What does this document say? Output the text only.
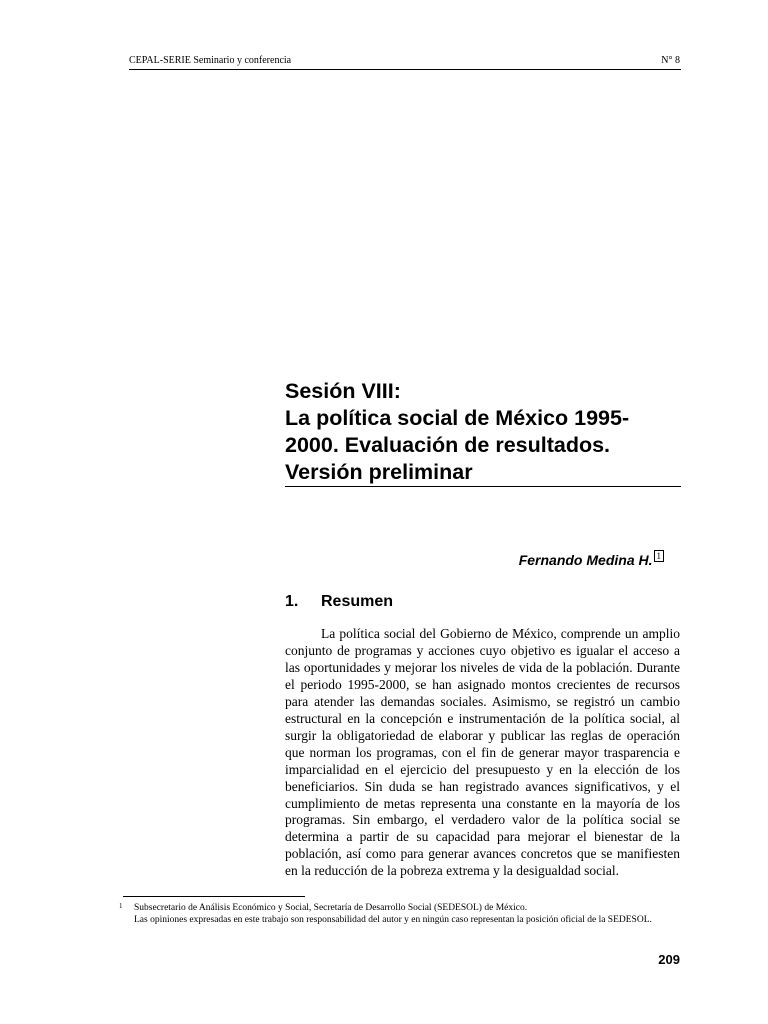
CEPAL-SERIE Seminario y conferencia	N° 8
Sesión VIII:
La política social de México 1995-
2000. Evaluación de resultados.
Versión preliminar
Fernando Medina H. 1
1. Resumen

La política social del Gobierno de México, comprende un amplio conjunto de programas y acciones cuyo objetivo es igualar el acceso a las oportunidades y mejorar los niveles de vida de la población. Durante el periodo 1995-2000, se han asignado montos crecientes de recursos para atender las demandas sociales. Asimismo, se registró un cambio estructural en la concepción e instrumentación de la política social, al surgir la obligatoriedad de elaborar y publicar las reglas de operación que norman los programas, con el fin de generar mayor trasparencia e imparcialidad en el ejercicio del presupuesto y en la elección de los beneficiarios. Sin duda se han registrado avances significativos, y el cumplimiento de metas representa una constante en la mayoría de los programas. Sin embargo, el verdadero valor de la política social se determina a partir de su capacidad para mejorar el bienestar de la población, así como para generar avances concretos que se manifiesten en la reducción de la pobreza extrema y la desigualdad social.

1	Subsecretario de Análisis Económico y Social, Secretaría de Desarrollo Social (SEDESOL) de México.
Las opiniones expresadas en este trabajo son responsabilidad del autor y en ningún caso representan la posición oficial de la SEDESOL.
209
